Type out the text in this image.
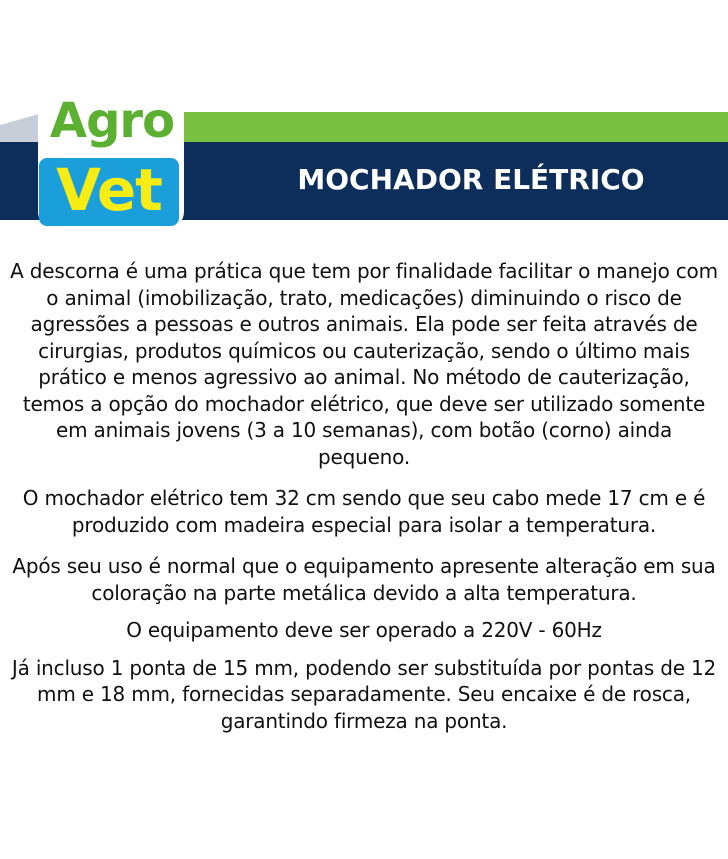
Agro
Vet	MOCHADOR ELÉTRICO

A descorna é uma prática que tem por finalidade facilitar o manejo com o animal (imobilização, trato, medicações) diminuindo o risco de agressões a pessoas e outros animais. Ela pode ser feita através de cirurgias, produtos químicos ou cauterização, sendo o último mais prático e menos agressivo ao animal. No método de cauterização, temos a opção do mochador elétrico, que deve ser utilizado somente em animais jovens (3 a 10 semanas), com botão (corno) ainda pequeno.

O mochador elétrico tem 32 cm sendo que seu cabo mede 17 cm e é produzido com madeira especial para isolar a temperatura.

Após seu uso é normal que o equipamento apresente alteração em sua coloração na parte metálica devido a alta temperatura.

O equipamento deve ser operado a 220V - 60Hz

Já incluso 1 ponta de 15 mm, podendo ser substituída por pontas de 12 mm e 18 mm, fornecidas separadamente. Seu encaixe é de rosca, garantindo firmeza na ponta.
